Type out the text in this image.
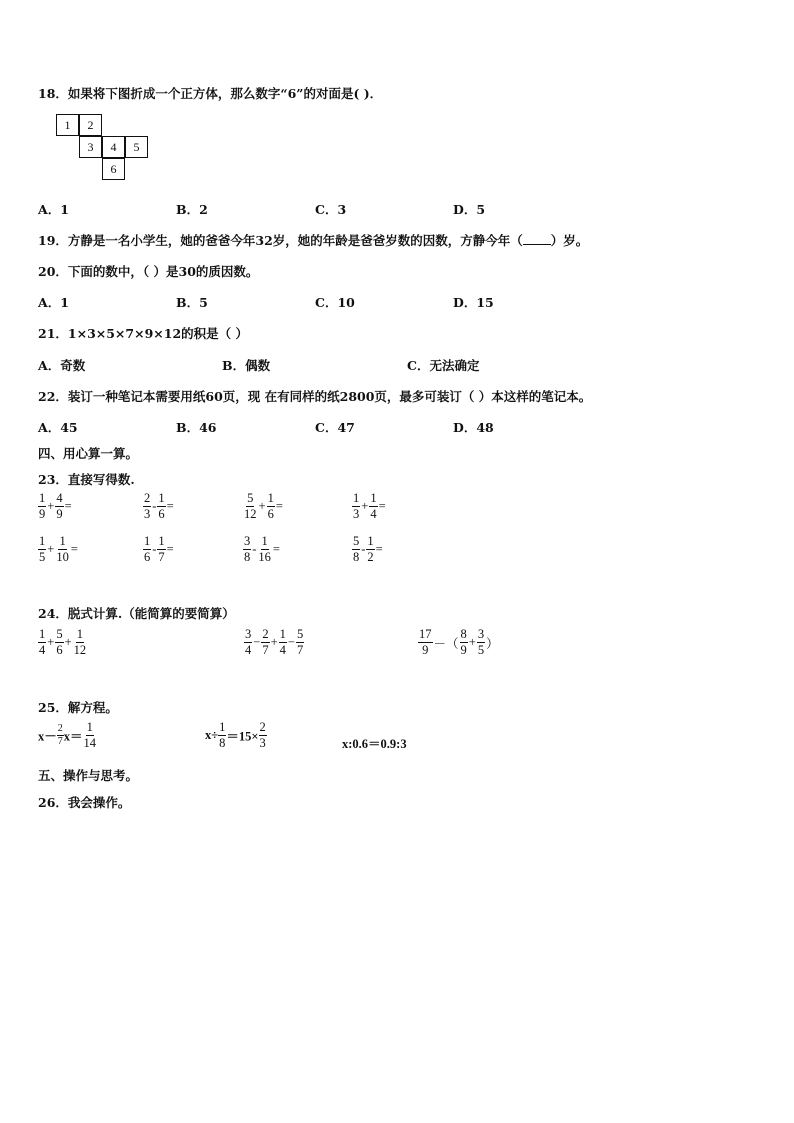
18．如果将下图折成一个正方体，那么数字“6”的对面是( )．
1	2
3	4	5
6
A．1	B．2	C．3	D．5
19．方静是一名小学生，她的爸爸今年32岁，她的年龄是爸爸岁数的因数，方静今年（ ）岁。
20．下面的数中，（ ）是30的质因数。
A．1	B．5	C．10	D．15
21．1×3×5×7×9×12的积是（ ）
A．奇数	B．偶数	C．无法确定
22．装订一种笔记本需要用纸60页，现 在有同样的纸2800页，最多可装订（ ）本这样的笔记本。
A．45	B．46	C．47	D．48
四、用心算一算。
23．直接写得数.
$\frac{1}{9} + \frac{4}{9}$ =	$\frac{2}{3} - \frac{1}{6}$ =	$\frac{5}{12} + \frac{1}{6}$ =	$\frac{1}{3} + \frac{1}{4}$ =
$\frac{1}{5} + \frac{1}{10}$ =	$\frac{1}{6} - \frac{1}{7}$ =	$\frac{3}{8} - \frac{1}{16}$ =	$\frac{5}{8} - \frac{1}{2}$ =
24．脱式计算.（能简算的要简算）
$\frac{1}{4} + \frac{5}{6} + \frac{1}{12}$	$\frac{3}{4} - \frac{2}{7} + \frac{1}{4} - \frac{5}{7}$	$\frac{17}{9}$ －（ $\frac{8}{9} + \frac{3}{5}$ ）
25．解方程。
$x- \frac{2}{7} x= \frac{1}{14}$	$x\div \frac{1}{8} =15\times \frac{2}{3}$	x:0.6＝0.9:3
五、操作与思考。
26．我会操作。
